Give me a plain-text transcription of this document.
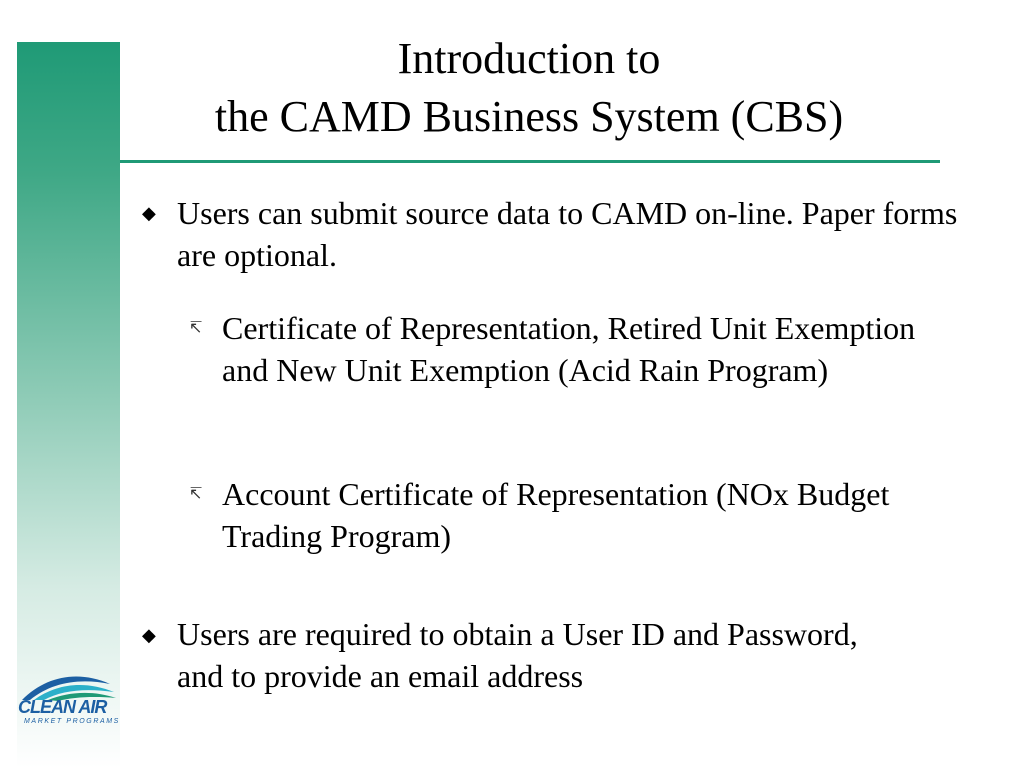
Introduction to
the CAMD Business System (CBS)
◆ Users can submit source data to CAMD on-line. Paper forms are optional.

↸ Certificate of Representation, Retired Unit Exemption and New Unit Exemption (Acid Rain Program)

↸ Account Certificate of Representation (NOx Budget Trading Program)

◆ Users are required to obtain a User ID and Password, and to provide an email address

CLEAN AIR
MARKET PROGRAMS
